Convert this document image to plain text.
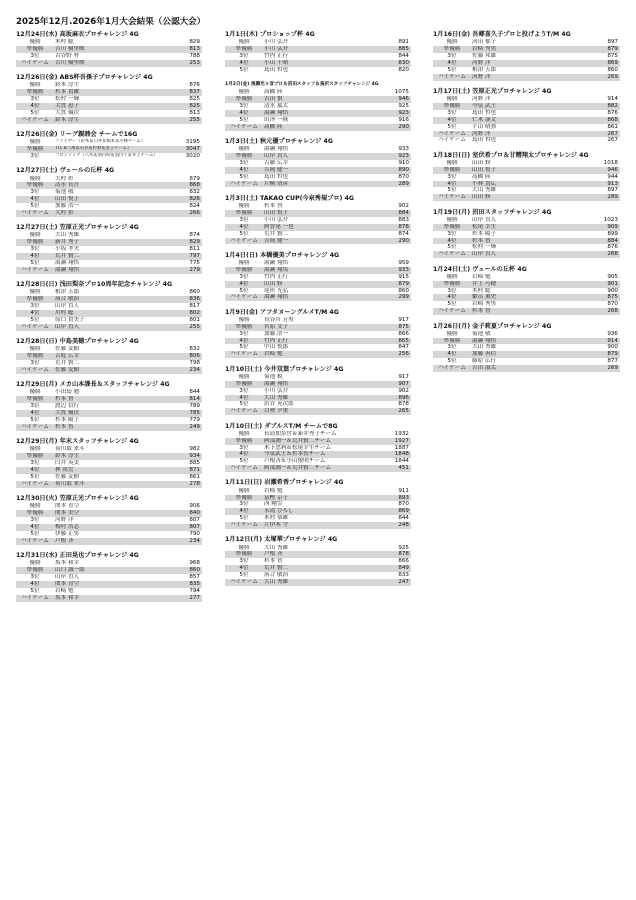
2025年12月.2026年1月大会結果（公認大会）
12月24日(水) 高坂麻衣プロチャレンジ 4G
優勝	木村 聡	829
準優勝	吉川 樹里映	813
3位	古谷野 努	788
ハイゲーム	吉川 樹里映	253
12月26日(金) ABS杯吾孫子プロチャレンジ 4G
優勝	鈴木 淳生	876
準優勝	杉本 貴雄	837
3位	松村 一輝	825
4位	大貫 恵子	825
5位	大貫 優次	813
ハイゲーム	鈴木 淳生	255
12月26日(金) リーグ親睦会 チームで16G
優勝	ファイヤー（鈴木＆臼井＆根本＆小林チーム）	3195
準優勝	TTL B（萬＆石井＆杉野＆金子チーム）	3047
3位	フロンティア（八木＆渕内時＆羽内イ＆井上チーム）	3020
12月27日(土) ヴェールの丘杯 4G
優勝	大村 彰	879
準優勝	清水 長吾	868
3位	菊池 敬	832
4位	山田 悦子	826
5位	加藤 浩一	824
ハイゲーム	大村 彰	266
12月27日(土) 笠原正光プロチャレンジ 4G
優勝	大山 秀雄	874
準優勝	新井 秀子	829
3位	小坂 孝夫	811
4位	荒井 賢二	797
5位	湯瀬 翔悟	775
ハイゲーム	湯瀬 翔悟	279
12月28日(日) 浅田梨奈プロ10周年記念チャレンジ 4G
優勝	根津 五郎	860
準優勝	落合 敏治	836
3位	山岸 直人	817
4位	川村 聡	802
5位	原口 貴美子	801
ハイゲーム	山岸 直人	255
12月28日(日) 中島美穂プロチャレンジ 4G
優勝	佐藤 友樹	832
準優勝	古庭 広幸	806
3位	荒井 賢二	798
ハイゲーム	佐藤 友樹	234
12月29日(月) メカ山本課長＆スタッフチャレンジ 4G
優勝	小田島 勉	844
準優勝	杉本 智	814
3位	渡辺 信行	789
4位	大貫 優次	785
5位	杉本 陽子	779
ハイゲーム	杉本 智	249
12月29日(月) 年末スタッフチャレンジ 4G
優勝	荷川取 来斗	982
準優勝	鈴木 淳生	934
3位	臼井 英実	885
4位	林 篤宏	871
5位	佐藤 友樹	861
ハイゲーム	荷川取 来斗	278
12月30日(火) 笠原正光プロチャレンジ 4G
優勝	関本 青空	906
準優勝	関本 美空	840
3位	河野 洋	807
4位	梅村 浩志	807
5位	伊藤 正男	790
ハイゲーム	戸根 斉	234
12月31日(水) 正田晃也プロチャレンジ 4G
優勝	坂本 和幸	968
準優勝	山口 誠一郎	860
3位	山岸 直人	857
4位	関本 青空	835
5位	岩崎 勉	794
ハイゲーム	坂本 和幸	277
1月1日(木) プロショップ杯 4G
優勝	小川 弘介	891
準優勝	小川 弘介	885
3位	竹内 正行	844
4位	小山 千晴	830
5位	島田 哲也	820
1月2日(金) 後藤光々音プロ＆沼田スタッフ＆鳥沢スタッフチャレンジ 4G
優勝	高橋 陸	1075
準優勝	吉田 慎	946
3位	清水 嵐太	925
4位	湯瀬 翔悟	923
5位	田淫 一隆	916
ハイゲーム	高橋 陸	290
1月3日(土) 秋元優プロチャレンジ 4G
優勝	湯瀬 翔悟	933
準優勝	山岸 直人	923
3位	古藤 広幸	910
4位	吉岡 健一	890
5位	島田 哲也	870
ハイゲーム	片桐 靖彦	289
1月3日(土) TAKAO CUP(今泉秀規プロ) 4G
優勝	杉本 智	902
準優勝	山田 悦子	884
3位	小川 弘介	883
4位	阿曾尾 一也	878
5位	荒井 賢二	874
ハイゲーム	吉岡 健一	290
1月4日(日) 本橋優美プロチャレンジ 4G
優勝	湯瀬 翔悟	959
準優勝	湯瀬 翔馬	933
3位	竹内 正行	915
4位	山田 修	879
5位	尾形 光弘	860
ハイゲーム	湯瀬 翔悟	299
1月9日(金) アフタヌーングルメT/M 4G
優勝	長谷川 芳男	917
準優勝	宮原 文子	875
3位	加藤 浩一	866
4位	竹内 正行	865
5位	中山 悦郎	847
ハイゲーム	岩崎 勉	256
1月10日(土) 今井双葉プロチャレンジ 4G
優勝	菊池 税	917
準優勝	湯瀬 翔悟	907
3位	小川 弘介	902
4位	大山 秀雄	896
5位	渋谷 晃次郎	878
ハイゲーム	白勢 夕重	265
1月10日(土) ダブルスT/M チームで8G
優勝	長島加奈世＆新井秀子チーム	1932
準優勝	阿部潤一＆荒井賢二チーム	1927
3位	木下忠利＆松尾幸生チーム	1887
4位	今泉武士＆杉本智チーム	1848
5位	戸根斉＆小山俊明チーム	1844
ハイゲーム	阿部潤一＆荒井賢二チーム	451
1月11日(日) 岩瀬希香プロチャレンジ 4G
優勝	岩崎 勉	911
準優勝	富樫 京子	893
3位	西 剛雲	870
4位	永滝 ひろし	869
5位	木村 恭雄	844
ハイゲーム	片伊木 守	248
1月12日(月) 太塚華プロチャレンジ 4G
優勝	大山 秀雄	925
準優勝	戸根 斉	878
3位	杉本 智	866
4位	荒井 賢二	849
5位	落合 敏治	833
ハイゲーム	大山 秀雄	247
1月16日(金) 吾郷喜久子プロと投げようT/M 4G
優勝	河田 郁子	897
準優勝	岩崎 秀男	879
3位	佐藤 邦雄	875
4位	河野 洋	869
5位	根津 五郎	860
ハイゲーム	河野 洋	269
1月17日(土) 笠原正光プロチャレンジ 4G
優勝	河野 洋	914
準優勝	今泉 武士	882
3位	島田 哲也	876
4位	仁木 康文	868
5位	手山 晴弥	861
ハイゲーム	河野 洋	267
ハイゲーム	島田 哲也	267
1月18日(日) 室伏希プロ＆甘糟翔太プロチャレンジ 4G
優勝	山田 修	1018
準優勝	山田 悦子	946
3位	高橋 陸	944
4位	小林 貴広	913
5位	大山 秀雄	897
ハイゲーム	山田 修	289
1月19日(月) 沼田スタッフチャレンジ 4G
優勝	山岸 直人	1023
準優勝	松尾 幸生	909
3位	杉本 陽子	899
4位	杉本 智	884
5位	松村 一輝	876
ハイゲーム	山岸 直人	268
1月24日(土) ヴェールの丘杯 4G
優勝	岩崎 勉	905
準優勝	井上 巧穂	901
3位	木村 聡	900
4位	鬱沼 薫史	875
5位	岩崎 秀男	870
ハイゲーム	杉本 智	268
1月26日(月) 金子莉夏プロチャレンジ 4G
優勝	菊池 敬	936
準優勝	湯瀬 翔悟	914
3位	大山 秀雄	900
4位	加藤 善信	879
5位	藤原 広行	877
ハイゲーム	吉田 淑太	269
